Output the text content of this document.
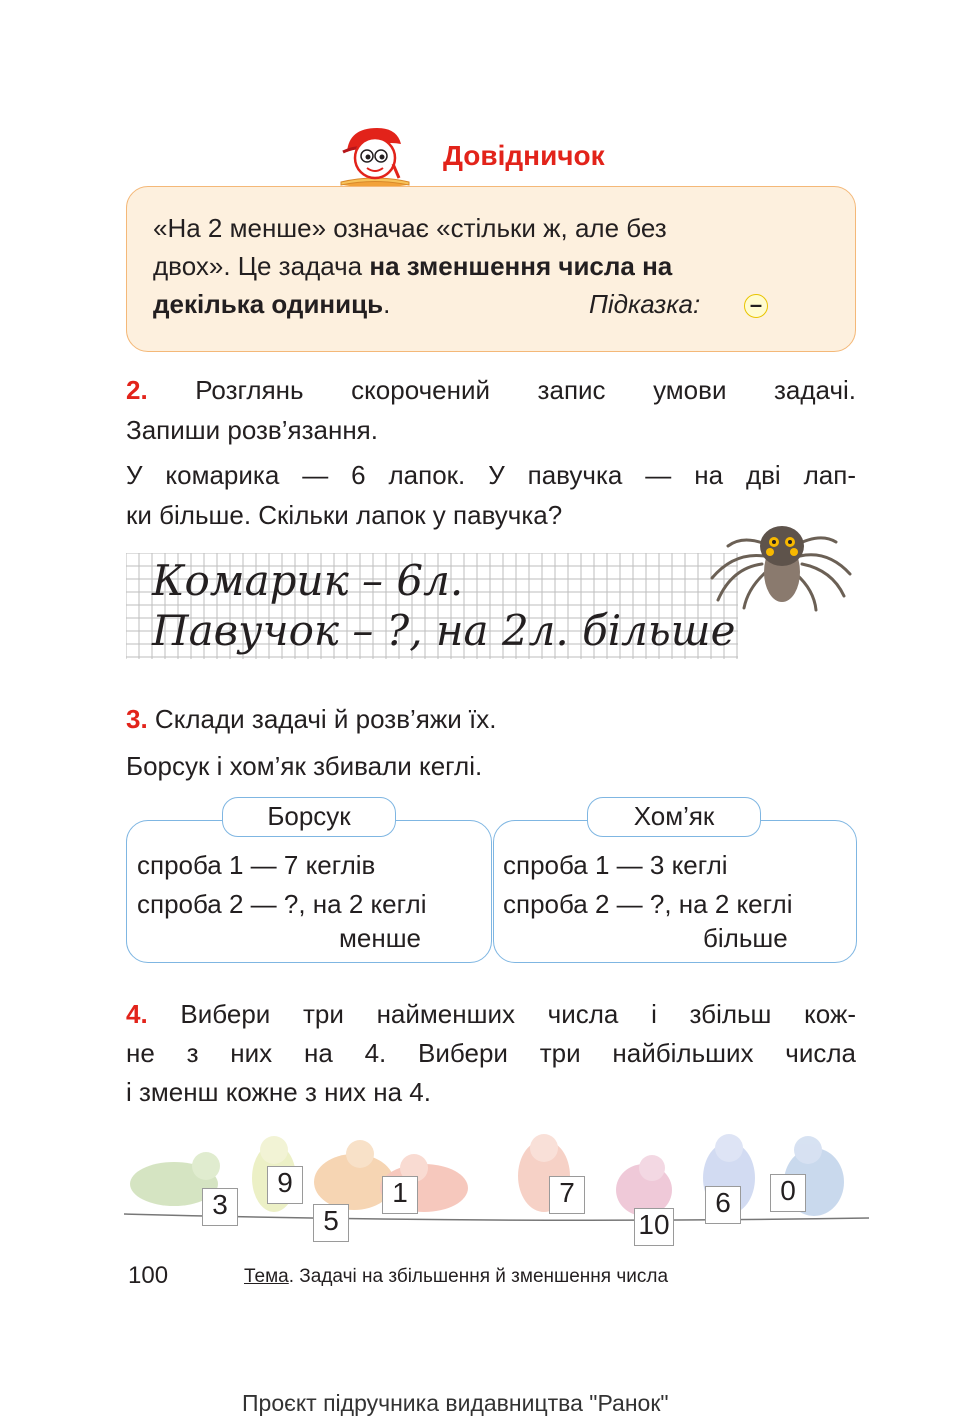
Довідничок
«На 2 менше» означає «стільки ж, але без
двох». Це задача на зменшення числа на
декілька одиниць.	Підказка: –
2. Розглянь скорочений запис умови задачі.
Запиши розв’язання.
У комарика — 6 лапок. У павучка — на дві лап-
ки більше. Скільки лапок у павучка?
Комарик – 6л.
Павучок – ?, на 2л. більше
3. Склади задачі й розв’яжи їх.
Борсук і хом’як збивали кеглі.
Борсук
спроба 1 — 7 кеглів
спроба 2 — ?, на 2 кеглі
менше
Хом’як
спроба 1 — 3 кеглі
спроба 2 — ?, на 2 кеглі
більше
4. Вибери три найменших числа і збільш кож-
не з них на 4. Вибери три найбільших числа
і зменш кожне з них на 4.
3
9
5
1	7
10
6	0
100	Тема. Задачі на збільшення й зменшення числа
Проєкт підручника видавництва "Ранок"
